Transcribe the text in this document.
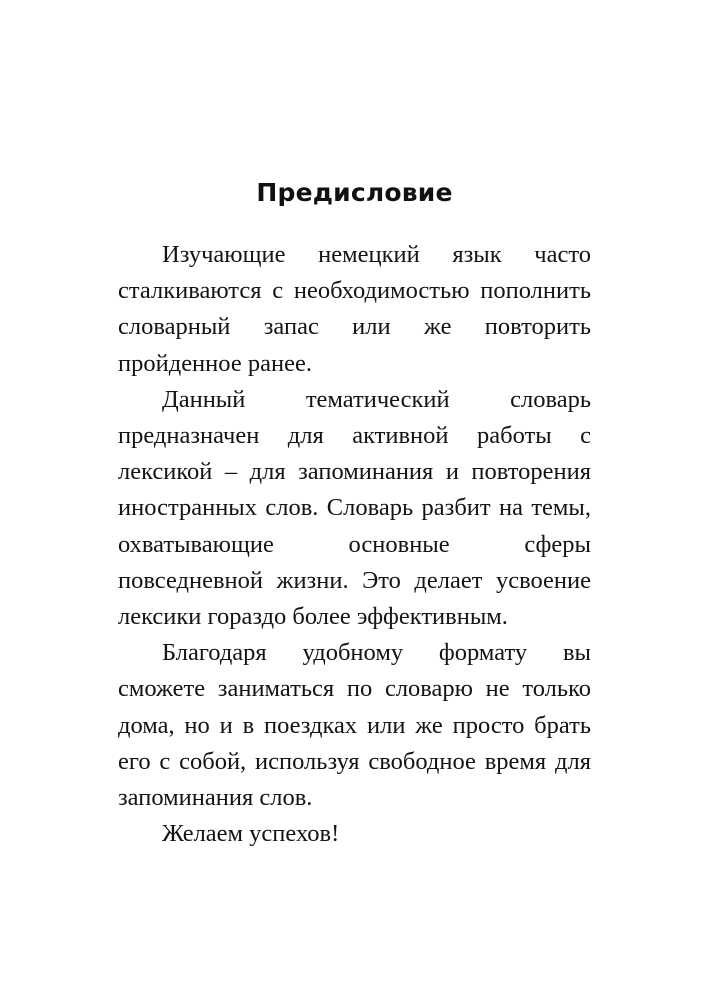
Предисловие

Изучающие немецкий язык часто сталкиваются с необходимостью пополнить словарный запас или же повторить пройденное ранее.

Данный тематический словарь предназначен для активной работы с лексикой – для запоминания и повторения иностранных слов. Словарь разбит на темы, охватывающие основные сферы повседневной жизни. Это делает усвоение лексики гораздо более эффективным.

Благодаря удобному формату вы сможете заниматься по словарю не только дома, но и в поездках или же просто брать его с собой, используя свободное время для запоминания слов.

Желаем успехов!
